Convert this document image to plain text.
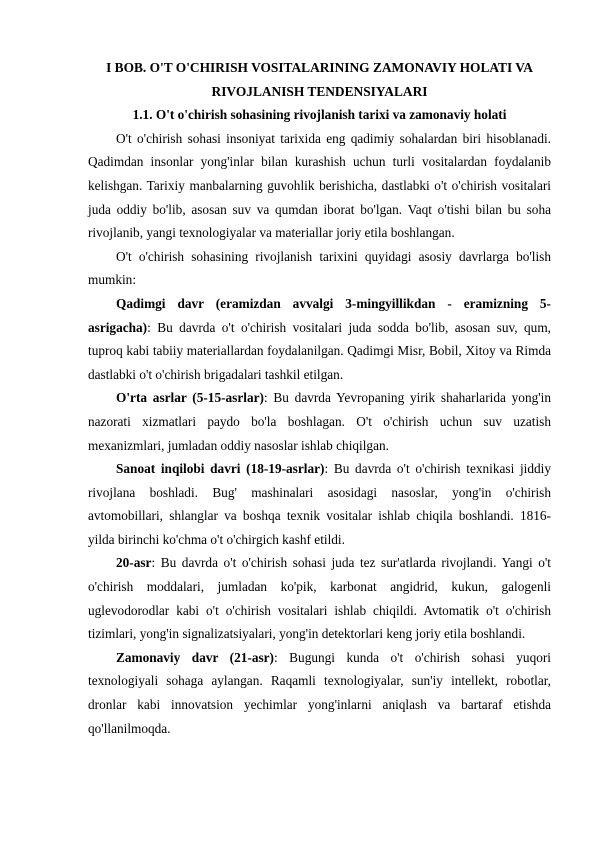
I BOB. O'T O'CHIRISH VOSITALARINING ZAMONAVIY HOLATI VA RIVOJLANISH TENDENSIYALARI
1.1. O't o'chirish sohasining rivojlanish tarixi va zamonaviy holati

O't o'chirish sohasi insoniyat tarixida eng qadimiy sohalardan biri hisoblanadi. Qadimdan insonlar yong'inlar bilan kurashish uchun turli vositalardan foydalanib kelishgan. Tarixiy manbalarning guvohlik berishicha, dastlabki o't o'chirish vositalari juda oddiy bo'lib, asosan suv va qumdan iborat bo'lgan. Vaqt o'tishi bilan bu soha rivojlanib, yangi texnologiyalar va materiallar joriy etila boshlangan.

O't o'chirish sohasining rivojlanish tarixini quyidagi asosiy davrlarga bo'lish mumkin:

Qadimgi davr (eramizdan avvalgi 3-mingyillikdan - eramizning 5-asrigacha): Bu davrda o't o'chirish vositalari juda sodda bo'lib, asosan suv, qum, tuproq kabi tabiiy materiallardan foydalanilgan. Qadimgi Misr, Bobil, Xitoy va Rimda dastlabki o't o'chirish brigadalari tashkil etilgan.

O'rta asrlar (5-15-asrlar): Bu davrda Yevropaning yirik shaharlarida yong'in nazorati xizmatlari paydo bo'la boshlagan. O't o'chirish uchun suv uzatish mexanizmlari, jumladan oddiy nasoslar ishlab chiqilgan.

Sanoat inqilobi davri (18-19-asrlar): Bu davrda o't o'chirish texnikasi jiddiy rivojlana boshladi. Bug' mashinalari asosidagi nasoslar, yong'in o'chirish avtomobillari, shlanglar va boshqa texnik vositalar ishlab chiqila boshlandi. 1816-yilda birinchi ko'chma o't o'chirgich kashf etildi.

20-asr: Bu davrda o't o'chirish sohasi juda tez sur'atlarda rivojlandi. Yangi o't o'chirish moddalari, jumladan ko'pik, karbonat angidrid, kukun, galogenli uglevodorodlar kabi o't o'chirish vositalari ishlab chiqildi. Avtomatik o't o'chirish tizimlari, yong'in signalizatsiyalari, yong'in detektorlari keng joriy etila boshlandi.

Zamonaviy davr (21-asr): Bugungi kunda o't o'chirish sohasi yuqori texnologiyali sohaga aylangan. Raqamli texnologiyalar, sun'iy intellekt, robotlar, dronlar kabi innovatsion yechimlar yong'inlarni aniqlash va bartaraf etishda qo'llanilmoqda.
